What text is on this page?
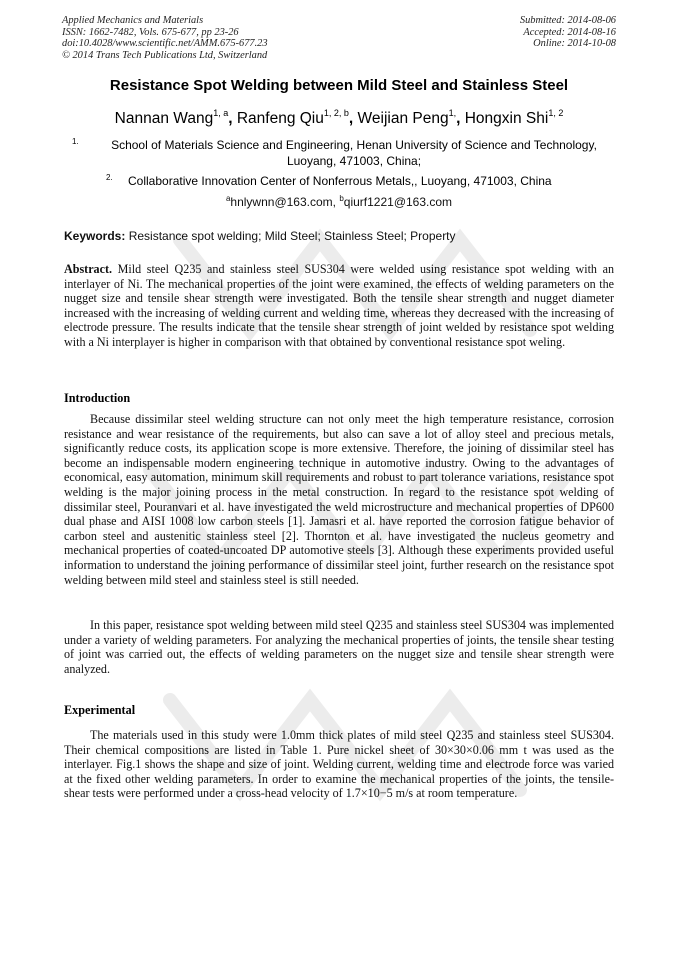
Applied Mechanics and Materials
ISSN: 1662-7482, Vols. 675-677, pp 23-26
doi:10.4028/www.scientific.net/AMM.675-677.23
© 2014 Trans Tech Publications Ltd, Switzerland
Submitted: 2014-08-06
Accepted: 2014-08-16
Online: 2014-10-08
Resistance Spot Welding between Mild Steel and Stainless Steel
Nannan Wang$^{1, a}$, Ranfeng Qiu$^{1, 2, b}$, Weijian Peng$^{1,}$, Hongxin Shi$^{1, 2}$
1.	School of Materials Science and Engineering, Henan University of Science and Technology, Luoyang, 471003, China;
2. Collaborative Innovation Center of Nonferrous Metals,, Luoyang, 471003, China
$^a$hnlywnn@163.com, $^b$qiurf1221@163.com
Keywords: Resistance spot welding; Mild Steel; Stainless Steel; Property
Abstract. Mild steel Q235 and stainless steel SUS304 were welded using resistance spot welding with an interlayer of Ni. The mechanical properties of the joint were examined, the effects of welding parameters on the nugget size and tensile shear strength were investigated. Both the tensile shear strength and nugget diameter increased with the increasing of welding current and welding time, whereas they decreased with the increasing of electrode pressure. The results indicate that the tensile shear strength of joint welded by resistance spot welding with a Ni interplayer is higher in comparison with that obtained by conventional resistance spot weling.
Introduction
Because dissimilar steel welding structure can not only meet the high temperature resistance, corrosion resistance and wear resistance of the requirements, but also can save a lot of alloy steel and precious metals, significantly reduce costs, its application scope is more extensive. Therefore, the joining of dissimilar steel has become an indispensable modern engineering technique in automotive industry. Owing to the advantages of economical, easy automation, minimum skill requirements and robust to part tolerance variations, resistance spot welding is the major joining process in the metal construction. In regard to the resistance spot welding of dissimilar steel, Pouranvari et al. have investigated the weld microstructure and mechanical properties of DP600 dual phase and AISI 1008 low carbon steels [1]. Jamasri et al. have reported the corrosion fatigue behavior of carbon steel and austenitic stainless steel [2]. Thornton et al. have investigated the nucleus geometry and mechanical properties of coated-uncoated DP automotive steels [3]. Although these experiments provided useful information to understand the joining performance of dissimilar steel joint, further research on the resistance spot welding between mild steel and stainless steel is still needed.
In this paper, resistance spot welding between mild steel Q235 and stainless steel SUS304 was implemented under a variety of welding parameters. For analyzing the mechanical properties of joints, the tensile shear testing of joint was carried out, the effects of welding parameters on the nugget size and tensile shear strength were analyzed.
Experimental
The materials used in this study were 1.0mm thick plates of mild steel Q235 and stainless steel SUS304. Their chemical compositions are listed in Table 1. Pure nickel sheet of 30×30×0.06 mm t was used as the interlayer. Fig.1 shows the shape and size of joint. Welding current, welding time and electrode force was varied at the fixed other welding parameters. In order to examine the mechanical properties of the joints, the tensile-shear tests were performed under a cross-head velocity of 1.7×10−5 m/s at room temperature.
